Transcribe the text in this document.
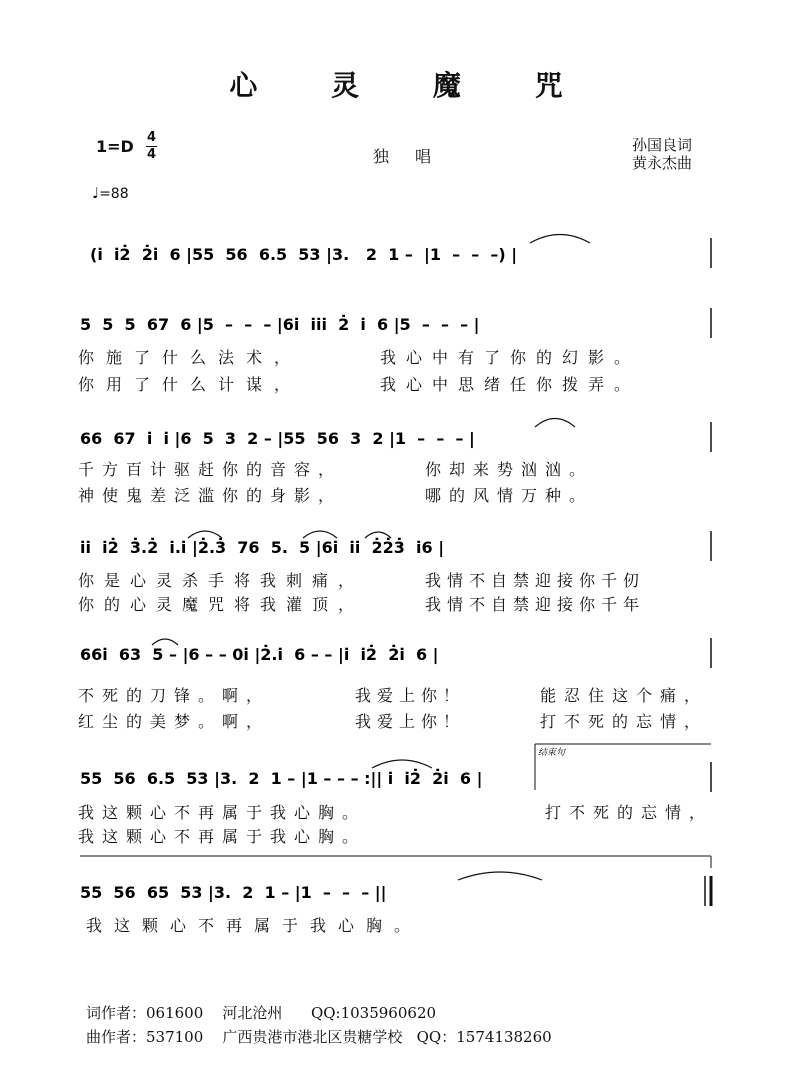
心 灵 魔 咒
1=D 4
4
♩=88
独唱
孙国良词
黄永杰曲
(i̇  i̇2̇  2̇i̇  6 |55  56  6.5  53 |3.   2  1 –  |1  –  –  –) |
5  5  5  67  6 |5  –  –  – |6i̇  i̇i̇i̇  2̇  i̇  6 |5  –  –  – |
66  67  i̇  i̇ |6  5  3  2 – |55  56  3  2 |1  –  –  – |
i̇i̇  i̇2̇  3̇.2̇  i̇.i̇ |2̇.3̇  76  5.  5 |6i̇  i̇i̇  2̇2̇3̇  i̇6 |
66i̇  63  5 – |6 – – 0i̇ |2̇.i̇  6 – – |i̇  i̇2̇  2̇i̇  6 |
结束句
55  56  6.5  53 |3.  2  1 – |1 – – – :|| i̇  i̇2̇  2̇i̇  6 |
55  56  65  53 |3.  2  1 – |1  –  –  – ||
你施了什么法术，	我心中有了你的幻影。
你用了什么计谋，	我心中思绪任你拨弄。
千方百计驱赶你的音容，	你却来势汹汹。
神使鬼差泛滥你的身影，	哪的风情万种。
你是心灵杀手将我刺痛，	我情不自禁迎接你千仞
你的心灵魔咒将我灌顶，	我情不自禁迎接你千年
不死的刀锋。啊，	我爱上你！	能忍住这个痛，
红尘的美梦。啊，	我爱上你！	打不死的忘情，
我这颗心不再属于我心胸。	打不死的忘情，
我这颗心不再属于我心胸。
我这颗心不再属于我心胸。
词作者：061600    河北沧州      QQ:1035960620
曲作者：537100    广西贵港市港北区贵糖学校   QQ：1574138260
